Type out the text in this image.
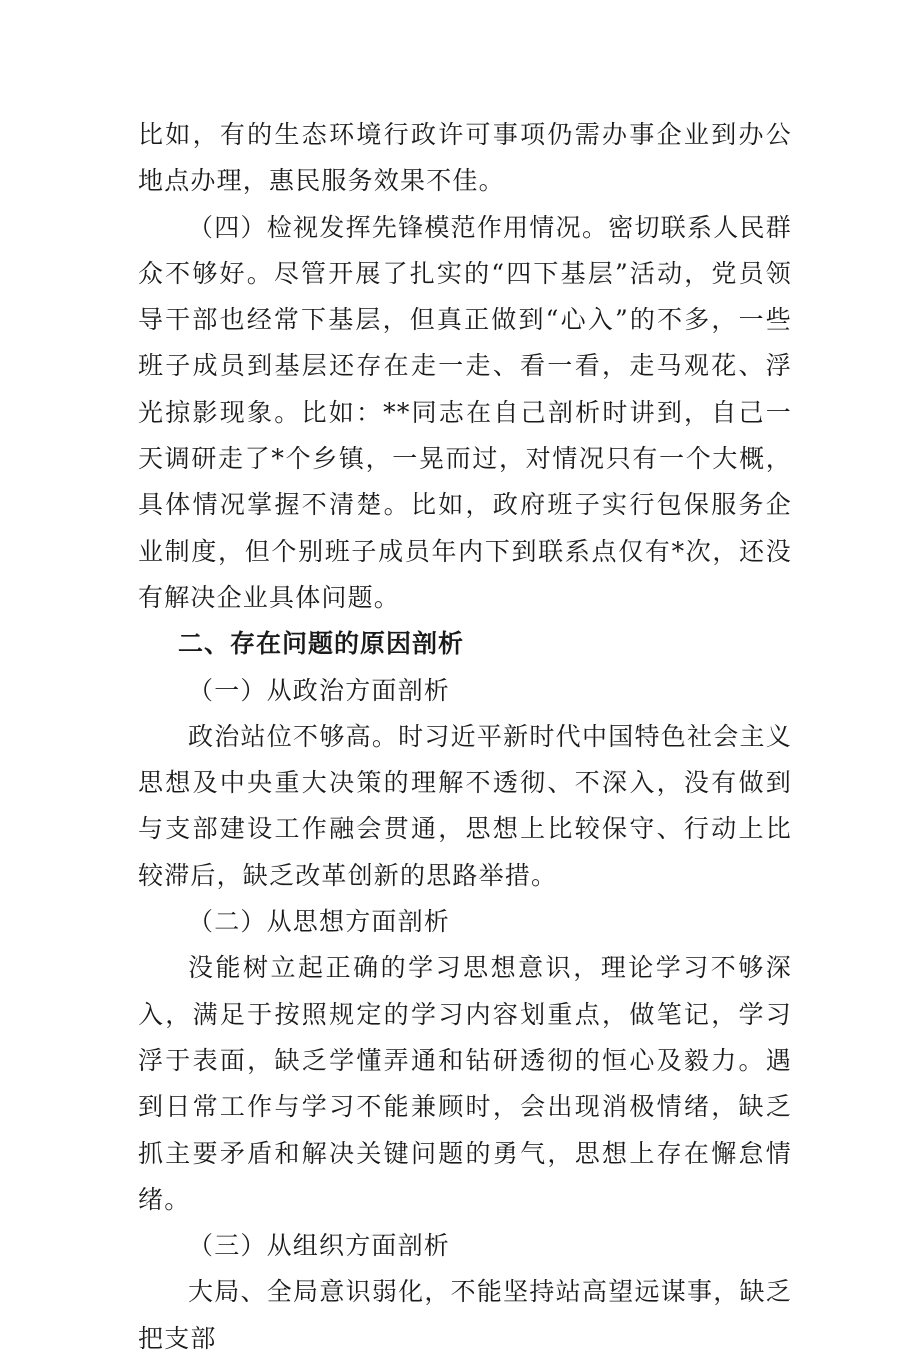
比如，有的生态环境行政许可事项仍需办事企业到办公地点办理，惠民服务效果不佳。

（四）检视发挥先锋模范作用情况。密切联系人民群众不够好。尽管开展了扎实的“四下基层”活动，党员领导干部也经常下基层，但真正做到“心入”的不多，一些班子成员到基层还存在走一走、看一看，走马观花、浮光掠影现象。比如：**同志在自己剖析时讲到，自己一天调研走了*个乡镇，一晃而过，对情况只有一个大概，具体情况掌握不清楚。比如，政府班子实行包保服务企业制度，但个别班子成员年内下到联系点仅有*次，还没有解决企业具体问题。

二、存在问题的原因剖析

（一）从政治方面剖析

政治站位不够高。时习近平新时代中国特色社会主义思想及中央重大决策的理解不透彻、不深入，没有做到与支部建设工作融会贯通，思想上比较保守、行动上比较滞后，缺乏改革创新的思路举措。

（二）从思想方面剖析

没能树立起正确的学习思想意识，理论学习不够深入，满足于按照规定的学习内容划重点，做笔记，学习浮于表面，缺乏学懂弄通和钻研透彻的恒心及毅力。遇到日常工作与学习不能兼顾时，会出现消极情绪，缺乏抓主要矛盾和解决关键问题的勇气，思想上存在懈怠情绪。

（三）从组织方面剖析

大局、全局意识弱化，不能坚持站高望远谋事，缺乏把支部
